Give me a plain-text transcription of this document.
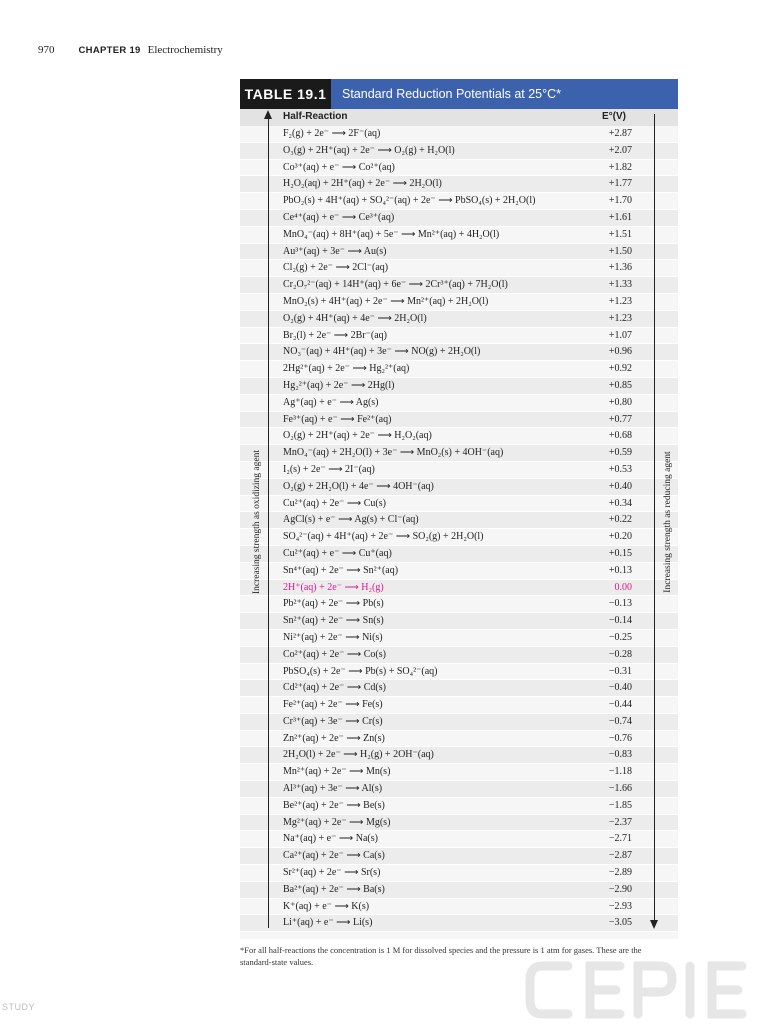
970	CHAPTER 19 Electrochemistry
TABLE 19.1	Standard Reduction Potentials at 25°C*
Half-Reaction	E°(V)
F₂(g) + 2e⁻ ⟶ 2F⁻(aq)	+2.87
O₃(g) + 2H⁺(aq) + 2e⁻ ⟶ O₂(g) + H₂O(l)	+2.07
Co³⁺(aq) + e⁻ ⟶ Co²⁺(aq)	+1.82
H₂O₂(aq) + 2H⁺(aq) + 2e⁻ ⟶ 2H₂O(l)	+1.77
PbO₂(s) + 4H⁺(aq) + SO₄²⁻(aq) + 2e⁻ ⟶ PbSO₄(s) + 2H₂O(l)	+1.70
Ce⁴⁺(aq) + e⁻ ⟶ Ce³⁺(aq)	+1.61
MnO₄⁻(aq) + 8H⁺(aq) + 5e⁻ ⟶ Mn²⁺(aq) + 4H₂O(l)	+1.51
Au³⁺(aq) + 3e⁻ ⟶ Au(s)	+1.50
Cl₂(g) + 2e⁻ ⟶ 2Cl⁻(aq)	+1.36
Cr₂O₇²⁻(aq) + 14H⁺(aq) + 6e⁻ ⟶ 2Cr³⁺(aq) + 7H₂O(l)	+1.33
MnO₂(s) + 4H⁺(aq) + 2e⁻ ⟶ Mn²⁺(aq) + 2H₂O(l)	+1.23
O₂(g) + 4H⁺(aq) + 4e⁻ ⟶ 2H₂O(l)	+1.23
Br₂(l) + 2e⁻ ⟶ 2Br⁻(aq)	+1.07
NO₃⁻(aq) + 4H⁺(aq) + 3e⁻ ⟶ NO(g) + 2H₂O(l)	+0.96
2Hg²⁺(aq) + 2e⁻ ⟶ Hg₂²⁺(aq)	+0.92
Hg₂²⁺(aq) + 2e⁻ ⟶ 2Hg(l)	+0.85
Ag⁺(aq) + e⁻ ⟶ Ag(s)	+0.80
Fe³⁺(aq) + e⁻ ⟶ Fe²⁺(aq)	+0.77
O₂(g) + 2H⁺(aq) + 2e⁻ ⟶ H₂O₂(aq)	+0.68
MnO₄⁻(aq) + 2H₂O(l) + 3e⁻ ⟶ MnO₂(s) + 4OH⁻(aq)	+0.59
I₂(s) + 2e⁻ ⟶ 2I⁻(aq)	+0.53
O₂(g) + 2H₂O(l) + 4e⁻ ⟶ 4OH⁻(aq)	+0.40
Cu²⁺(aq) + 2e⁻ ⟶ Cu(s)	+0.34
AgCl(s) + e⁻ ⟶ Ag(s) + Cl⁻(aq)	+0.22
SO₄²⁻(aq) + 4H⁺(aq) + 2e⁻ ⟶ SO₂(g) + 2H₂O(l)	+0.20
Cu²⁺(aq) + e⁻ ⟶ Cu⁺(aq)	+0.15
Sn⁴⁺(aq) + 2e⁻ ⟶ Sn²⁺(aq)	+0.13
2H⁺(aq) + 2e⁻ ⟶ H₂(g)	0.00
Pb²⁺(aq) + 2e⁻ ⟶ Pb(s)	−0.13
Sn²⁺(aq) + 2e⁻ ⟶ Sn(s)	−0.14
Ni²⁺(aq) + 2e⁻ ⟶ Ni(s)	−0.25
Co²⁺(aq) + 2e⁻ ⟶ Co(s)	−0.28
PbSO₄(s) + 2e⁻ ⟶ Pb(s) + SO₄²⁻(aq)	−0.31
Cd²⁺(aq) + 2e⁻ ⟶ Cd(s)	−0.40
Fe²⁺(aq) + 2e⁻ ⟶ Fe(s)	−0.44
Cr³⁺(aq) + 3e⁻ ⟶ Cr(s)	−0.74
Zn²⁺(aq) + 2e⁻ ⟶ Zn(s)	−0.76
2H₂O(l) + 2e⁻ ⟶ H₂(g) + 2OH⁻(aq)	−0.83
Mn²⁺(aq) + 2e⁻ ⟶ Mn(s)	−1.18
Al³⁺(aq) + 3e⁻ ⟶ Al(s)	−1.66
Be²⁺(aq) + 2e⁻ ⟶ Be(s)	−1.85
Mg²⁺(aq) + 2e⁻ ⟶ Mg(s)	−2.37
Na⁺(aq) + e⁻ ⟶ Na(s)	−2.71
Ca²⁺(aq) + 2e⁻ ⟶ Ca(s)	−2.87
Sr²⁺(aq) + 2e⁻ ⟶ Sr(s)	−2.89
Ba²⁺(aq) + 2e⁻ ⟶ Ba(s)	−2.90
K⁺(aq) + e⁻ ⟶ K(s)	−2.93
Li⁺(aq) + e⁻ ⟶ Li(s)	−3.05
Increasing strength as oxidizing agent	Increasing strength as reducing agent
*For all half-reactions the concentration is 1 M for dissolved species and the pressure is 1 atm for gases. These are the standard-state values.
STUDY
